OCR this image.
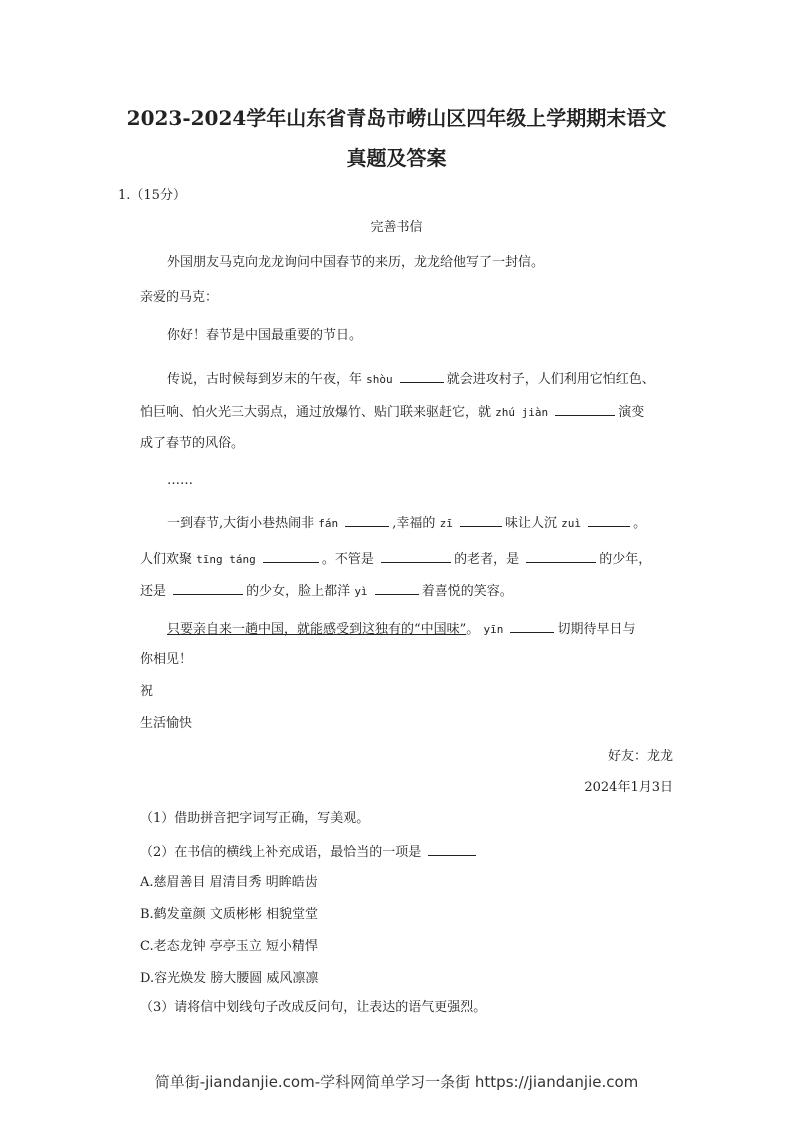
2023-2024学年山东省青岛市崂山区四年级上学期期末语文
真题及答案
1.（15分）
完善书信
外国朋友马克向龙龙询问中国春节的来历，龙龙给他写了一封信。
亲爱的马克：
你好！春节是中国最重要的节日。
传说，古时候每到岁末的午夜，年 shòu	就会进攻村子，人们利用它怕红色、
怕巨响、怕火光三大弱点，通过放爆竹、贴门联来驱赶它，就 zhú jiàn	演变
成了春节的风俗。
……
一到春节,大街小巷热闹非 fán	,幸福的 zī	味让人沉 zuì	。
人们欢聚 tīng táng	。不管是	的老者，是	的少年，
还是	的少女，脸上都洋 yì	着喜悦的笑容。
只要亲自来一趟中国，就能感受到这独有的“中国味”。 yīn	切期待早日与
你相见！
祝
生活愉快
好友：龙龙
2024年1月3日
（1）借助拼音把字词写正确，写美观。
（2）在书信的横线上补充成语，最恰当的一项是
A.慈眉善目 眉清目秀 明眸皓齿
B.鹤发童颜 文质彬彬 相貌堂堂
C.老态龙钟 亭亭玉立 短小精悍
D.容光焕发 膀大腰圆 威风凛凛
（3）请将信中划线句子改成反问句，让表达的语气更强烈。
简单街-jiandanjie.com-学科网简单学习一条街 https://jiandanjie.com
